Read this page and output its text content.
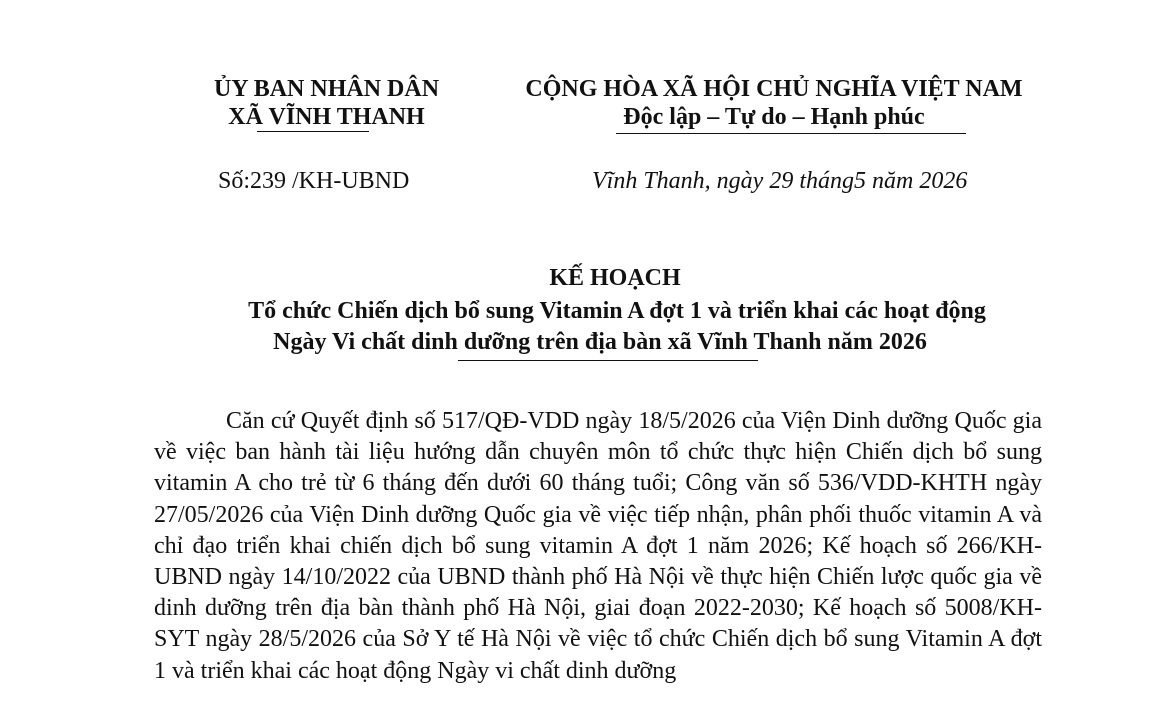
ỦY BAN NHÂN DÂN
XÃ VĨNH THANH
CỘNG HÒA XÃ HỘI CHỦ NGHĨA VIỆT NAM
Độc lập – Tự do – Hạnh phúc
Số:239 /KH-UBND	Vĩnh Thanh, ngày 29 tháng5 năm 2026
KẾ HOẠCH
Tổ chức Chiến dịch bổ sung Vitamin A đợt 1 và triển khai các hoạt động
Ngày Vi chất dinh dưỡng trên địa bàn xã Vĩnh Thanh năm 2026

Căn cứ Quyết định số 517/QĐ-VDD ngày 18/5/2026 của Viện Dinh dưỡng Quốc gia về việc ban hành tài liệu hướng dẫn chuyên môn tổ chức thực hiện Chiến dịch bổ sung vitamin A cho trẻ từ 6 tháng đến dưới 60 tháng tuổi; Công văn số 536/VDD-KHTH ngày 27/05/2026 của Viện Dinh dưỡng Quốc gia về việc tiếp nhận, phân phối thuốc vitamin A và chỉ đạo triển khai chiến dịch bổ sung vitamin A đợt 1 năm 2026; Kế hoạch số 266/KH-UBND ngày 14/10/2022 của UBND thành phố Hà Nội về thực hiện Chiến lược quốc gia về dinh dưỡng trên địa bàn thành phố Hà Nội, giai đoạn 2022-2030; Kế hoạch số 5008/KH-SYT ngày 28/5/2026 của Sở Y tế Hà Nội về việc tổ chức Chiến dịch bổ sung Vitamin A đợt 1 và triển khai các hoạt động Ngày vi chất dinh dưỡng
